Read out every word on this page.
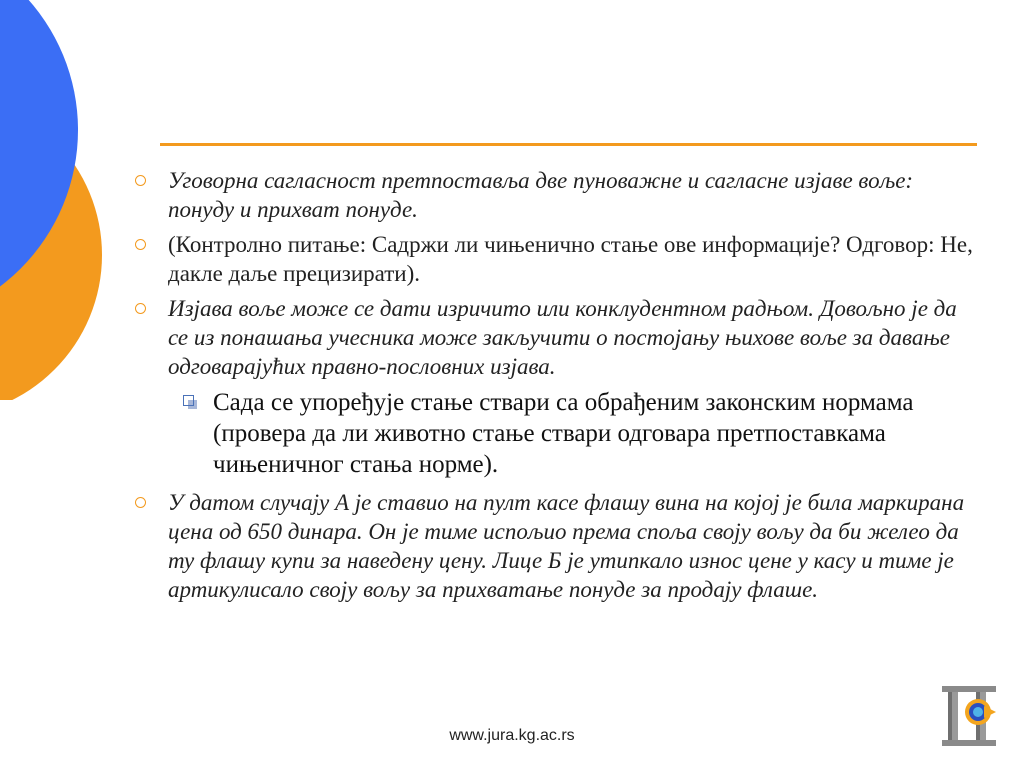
Уговорна сагласност претпоставља две пуноважне и сагласне изјаве воље: понуду и прихват понуде.
(Контролно питање: Садржи ли чињенично стање ове информације? Одговор: Не, дакле даље прецизирати).
Изјава воље може се дати изричито или конклудентном радњом. Довољно је да се из понашања учесника може закључити о постојању њихове воље за давање одговарајућих правно-пословних изјава.
Сада се упоређује стање ствари са обрађеним законским нормама (провера да ли животно стање ствари одговара претпоставкама чињеничног стања норме).
У датом случају А је ставио на пулт касе флашу вина на којој је била маркирана цена од 650 динара. Он је тиме испољио према споља своју вољу да би желео да ту флашу купи за наведену цену. Лице Б је утипкало износ цене у касу и тиме је артикулисало своју вољу за прихватање понуде за продају флаше.
www.jura.kg.ac.rs
